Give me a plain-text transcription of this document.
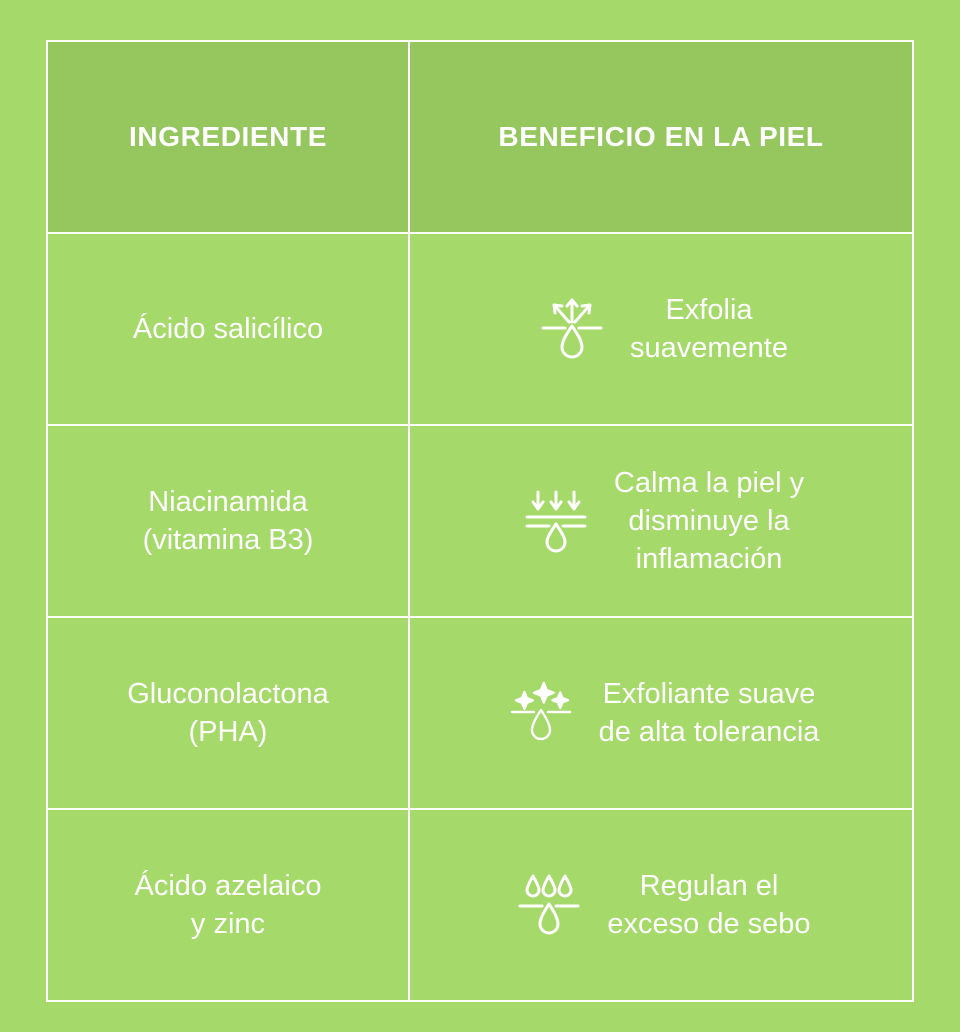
INGREDIENTE	BENEFICIO EN LA PIEL

Ácido salicílico	Exfolia
suavemente

Niacinamida
(vitamina B3)	Calma la piel y
disminuye la
inflamación

Gluconolactona
(PHA)	Exfoliante suave
de alta tolerancia

Ácido azelaico
y zinc	Regulan el
exceso de sebo
